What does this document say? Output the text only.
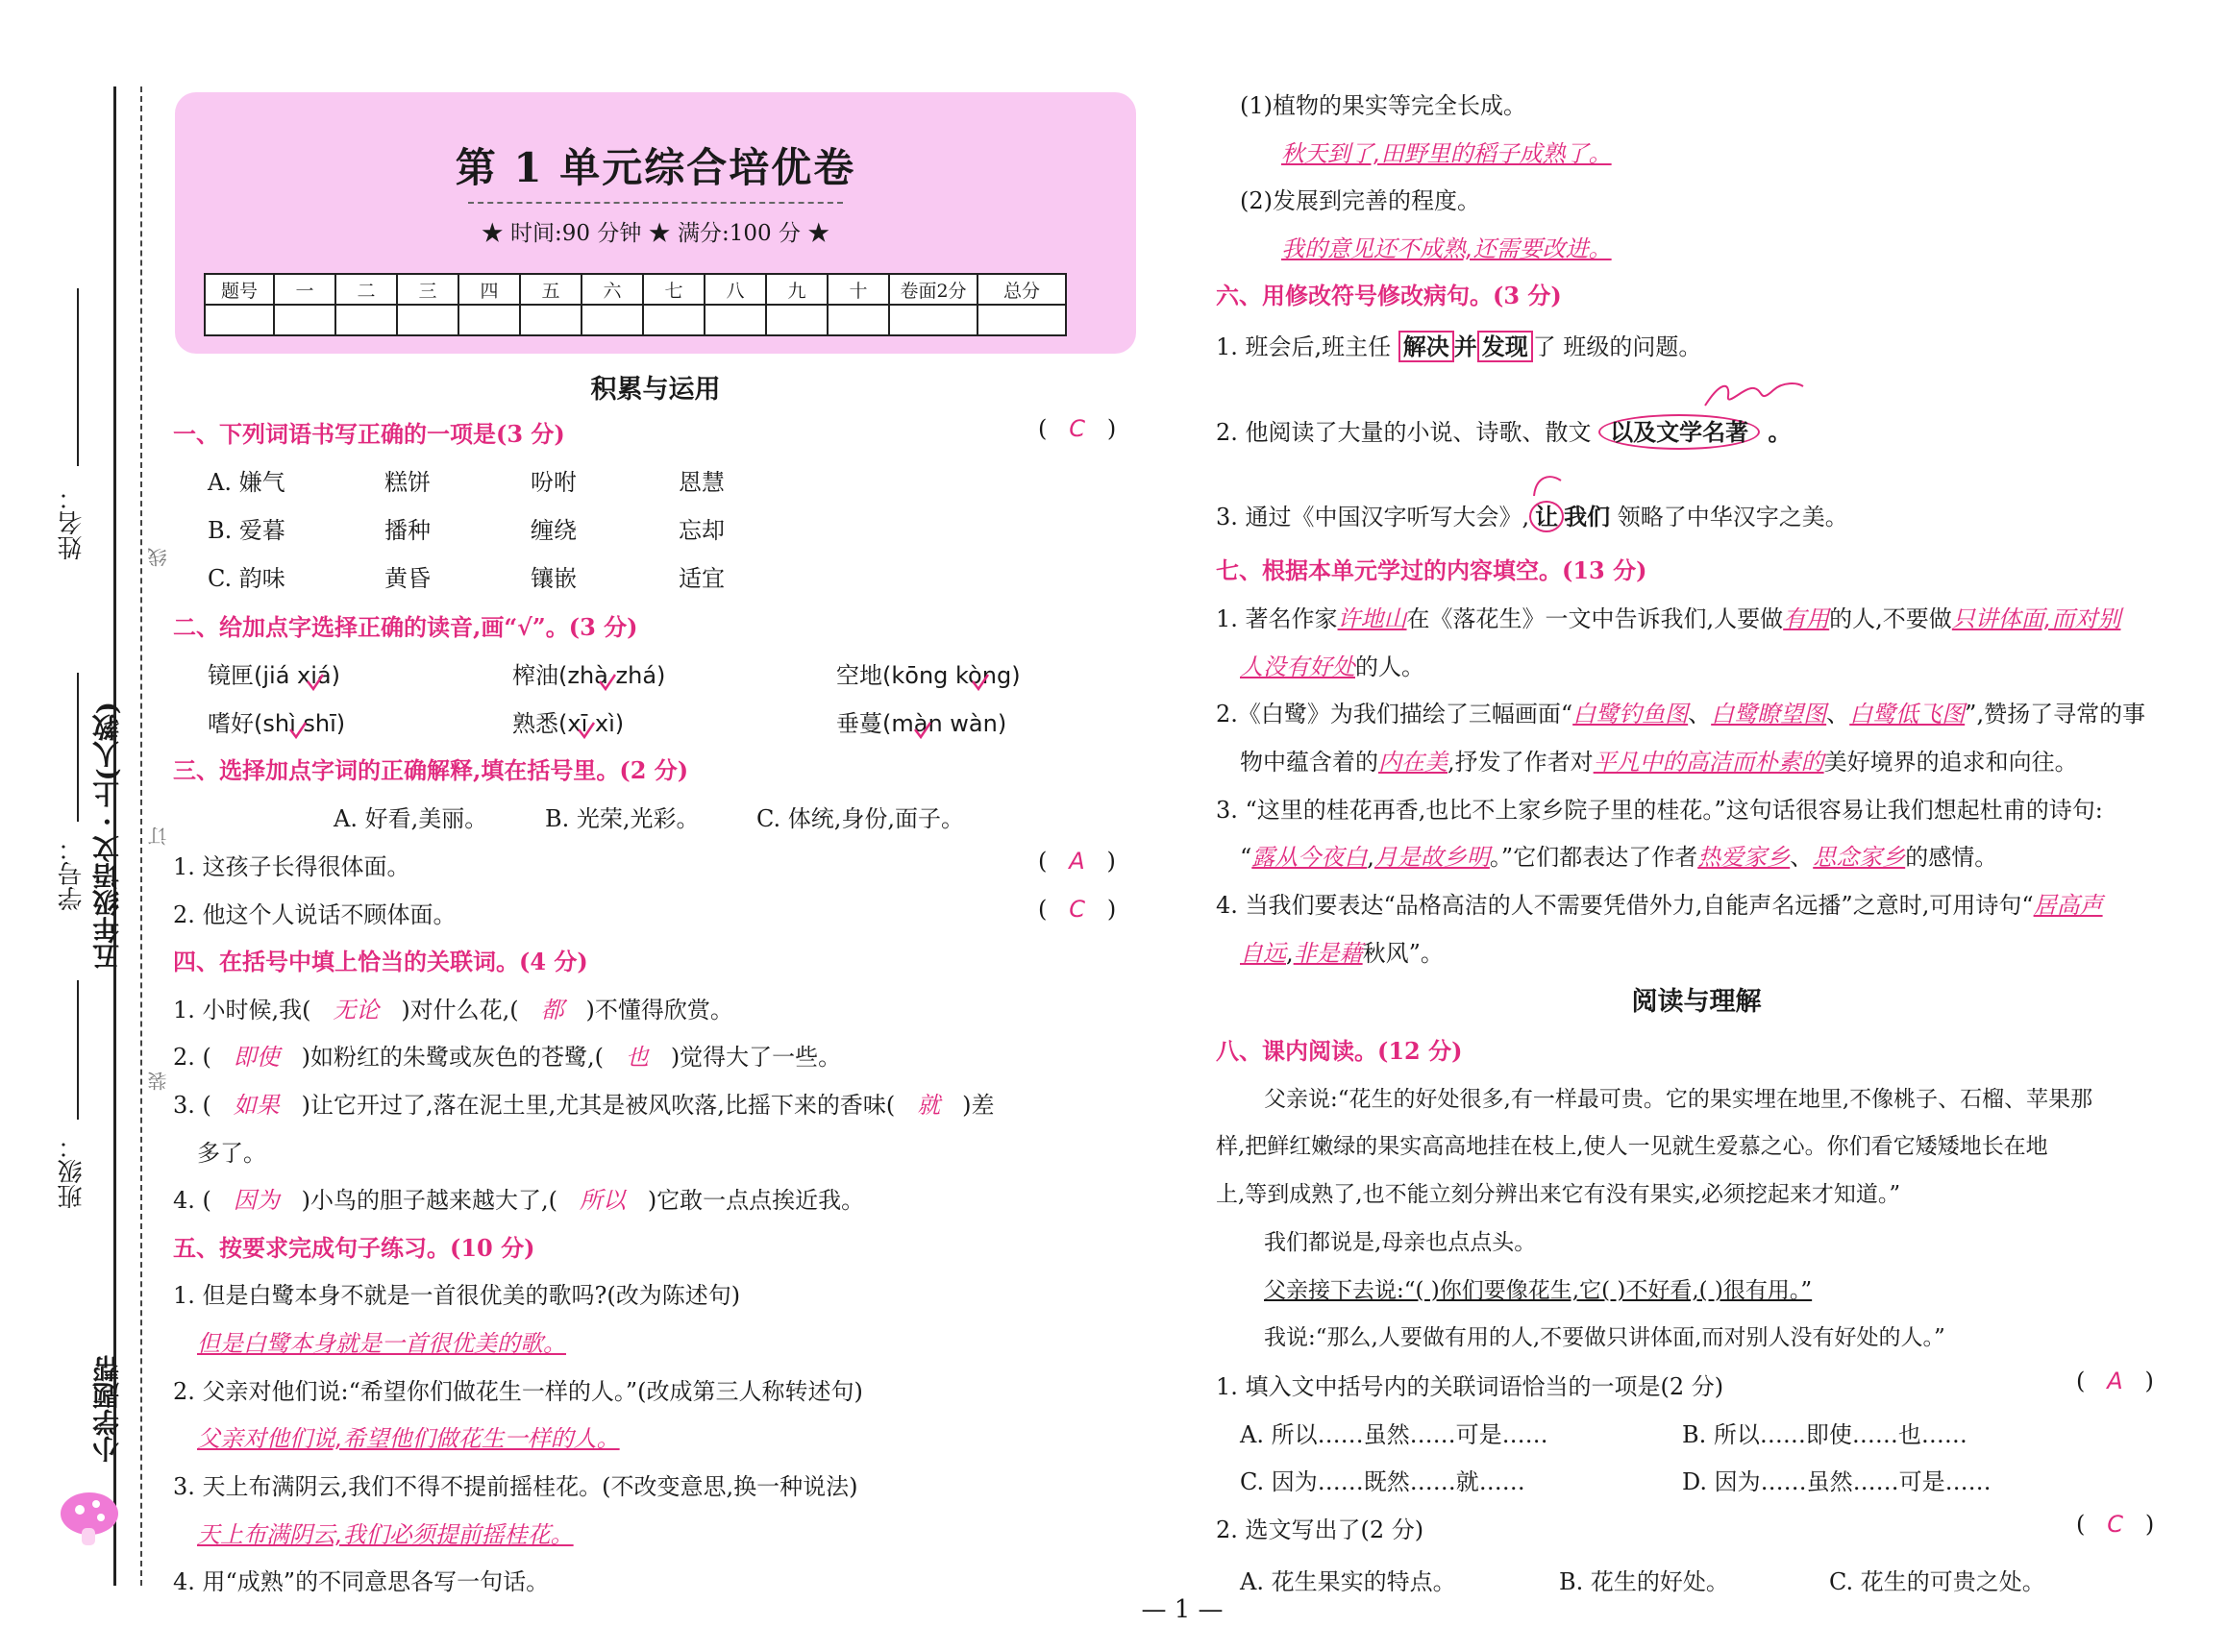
姓名：
学号： 五年级语文 · 上(人教)
班级：
小学题帮
线
订
装
第 1 单元综合培优卷
★ 时间:90 分钟 ★ 满分:100 分 ★
题号	一	二	三	四	五	六	七	八	九	十	卷面2分	总分

积累与运用
一、下列词语书写正确的一项是(3 分)	(   C   )
A. 嫌气	糕饼	吩咐	恩慧
B. 爱暮	播种	缠绕	忘却
C. 韵味	黄昏	镶嵌	适宜
二、给加点字选择正确的读音,画“√”。(3 分)
镜匣(jiá xiá)	榨油(zhà zhá)	空地(kōng kòng)
嗜好(shì shī)	熟悉(xī xì)	垂蔓(màn wàn)
三、选择加点字词的正确解释,填在括号里。(2 分)
A. 好看,美丽。 B. 光荣,光彩。 C. 体统,身份,面子。
1. 这孩子长得很体面。	(   A   )
2. 他这个人说话不顾体面。	(   C   )
四、在括号中填上恰当的关联词。(4 分)
1. 小时候,我( 无论 )对什么花,( 都 )不懂得欣赏。
2. ( 即使 )如粉红的朱鹭或灰色的苍鹭,( 也 )觉得大了一些。
3. ( 如果 )让它开过了,落在泥土里,尤其是被风吹落,比摇下来的香味( 就 )差
多了。
4. ( 因为 )小鸟的胆子越来越大了,( 所以 )它敢一点点挨近我。
五、按要求完成句子练习。(10 分)
1. 但是白鹭本身不就是一首很优美的歌吗?(改为陈述句)
但是白鹭本身就是一首很优美的歌。
2. 父亲对他们说:“希望你们做花生一样的人。”(改成第三人称转述句)
父亲对他们说,希望他们做花生一样的人。
3. 天上布满阴云,我们不得不提前摇桂花。(不改变意思,换一种说法)
天上布满阴云,我们必须提前摇桂花。
4. 用“成熟”的不同意思各写一句话。
(1)植物的果实等完全长成。
秋天到了,田野里的稻子成熟了。
(2)发展到完善的程度。
我的意见还不成熟,还需要改进。
六、用修改符号修改病句。(3 分)
1. 班会后,班主任 解决 并 发现 了 班级的问题。
2. 他阅读了大量的小说、诗歌、散文 以及文学名著 。
3. 通过《中国汉字听写大会》, 让 我们 领略了中华汉字之美。
七、根据本单元学过的内容填空。(13 分)
1. 著名作家许地山在《落花生》一文中告诉我们,人要做有用的人,不要做只讲体面,而对别
人没有好处的人。
2.《白鹭》为我们描绘了三幅画面“白鹭钓鱼图、白鹭瞭望图、白鹭低飞图”,赞扬了寻常的事
物中蕴含着的内在美,抒发了作者对平凡中的高洁而朴素的美好境界的追求和向往。
3. “这里的桂花再香,也比不上家乡院子里的桂花。”这句话很容易让我们想起杜甫的诗句:
“露从今夜白,月是故乡明。”它们都表达了作者热爱家乡、思念家乡的感情。
4. 当我们要表达“品格高洁的人不需要凭借外力,自能声名远播”之意时,可用诗句“居高声
自远,非是藉秋风”。
阅读与理解
八、课内阅读。(12 分)
父亲说:“花生的好处很多,有一样最可贵。它的果实埋在地里,不像桃子、石榴、苹果那
样,把鲜红嫩绿的果实高高地挂在枝上,使人一见就生爱慕之心。你们看它矮矮地长在地
上,等到成熟了,也不能立刻分辨出来它有没有果实,必须挖起来才知道。”
我们都说是,母亲也点点头。
父亲接下去说:“( )你们要像花生,它( )不好看,( )很有用。”
我说:“那么,人要做有用的人,不要做只讲体面,而对别人没有好处的人。”
1. 填入文中括号内的关联词语恰当的一项是(2 分)	(   A   )
A. 所以……虽然……可是……	B. 所以……即使……也……
C. 因为……既然……就……	D. 因为……虽然……可是……
2. 选文写出了(2 分)	(   C   )
A. 花生果实的特点。	B. 花生的好处。	C. 花生的可贵之处。
— 1 —
